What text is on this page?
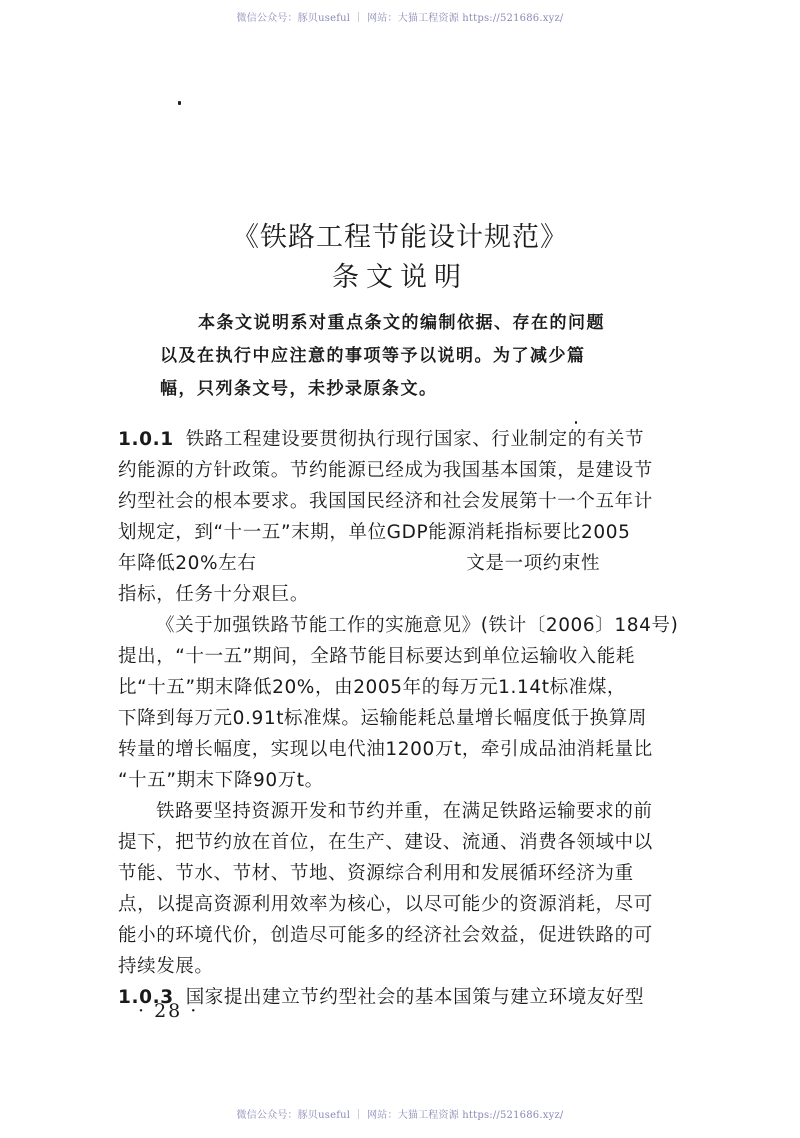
微信公众号：豚贝useful ｜ 网站：大猫工程资源 https://521686.xyz/
《铁路工程节能设计规范》
条文说明
本条文说明系对重点条文的编制依据、存在的问题
以及在执行中应注意的事项等予以说明。为了减少篇
幅，只列条文号，未抄录原条文。
1.0.1 铁路工程建设要贯彻执行现行国家、行业制定的有关节
约能源的方针政策。节约能源已经成为我国基本国策，是建设节
约型社会的根本要求。我国国民经济和社会发展第十一个五年计
划规定，到“十一五”末期，单位GDP能源消耗指标要比2005
年降低20%左右	文是一项约束性
指标，任务十分艰巨。
《关于加强铁路节能工作的实施意见》(铁计〔2006〕184号)
提出，“十一五”期间，全路节能目标要达到单位运输收入能耗
比“十五”期末降低20%，由2005年的每万元1.14t标准煤，
下降到每万元0.91t标准煤。运输能耗总量增长幅度低于换算周
转量的增长幅度，实现以电代油1200万t，牵引成品油消耗量比
“十五”期末下降90万t。
铁路要坚持资源开发和节约并重，在满足铁路运输要求的前
提下，把节约放在首位，在生产、建设、流通、消费各领域中以
节能、节水、节材、节地、资源综合利用和发展循环经济为重
点，以提高资源利用效率为核心，以尽可能少的资源消耗，尽可
能小的环境代价，创造尽可能多的经济社会效益，促进铁路的可
持续发展。
1.0.3 国家提出建立节约型社会的基本国策与建立环境友好型
· 28 ·
微信公众号：豚贝useful ｜ 网站：大猫工程资源 https://521686.xyz/
